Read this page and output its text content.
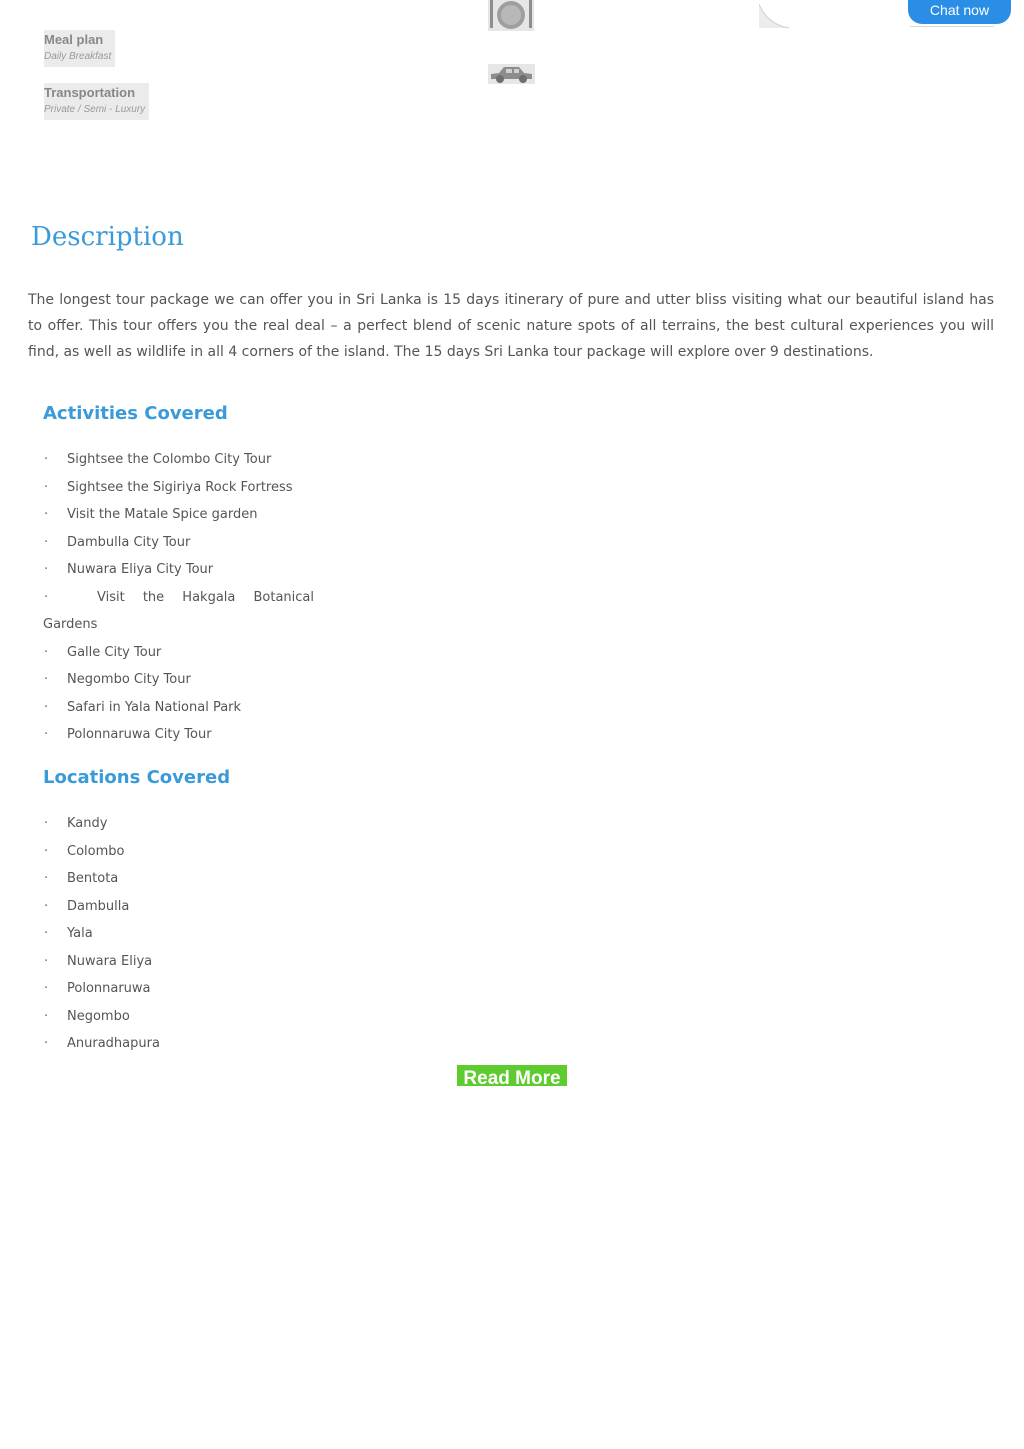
Meal plan
Daily Breakfast
Transportation
Private / Semi - Luxury
Chat now
Description

The longest tour package we can offer you in Sri Lanka is 15 days itinerary of pure and utter bliss visiting what our beautiful island has to offer. This tour offers you the real deal – a perfect blend of scenic nature spots of all terrains, the best cultural experiences you will find, as well as wildlife in all 4 corners of the island. The 15 days Sri Lanka tour package will explore over 9 destinations.

Activities Covered
· Sightsee the Colombo City Tour
· Sightsee the Sigiriya Rock Fortress
· Visit the Matale Spice garden
· Dambulla City Tour
· Nuwara Eliya City Tour
· Visit the Hakgala Botanical
Gardens
· Galle City Tour
· Negombo City Tour
· Safari in Yala National Park
· Polonnaruwa City Tour
Locations Covered
· Kandy
· Colombo
· Bentota
· Dambulla
· Yala
· Nuwara Eliya
· Polonnaruwa
· Negombo
· Anuradhapura
Read More
